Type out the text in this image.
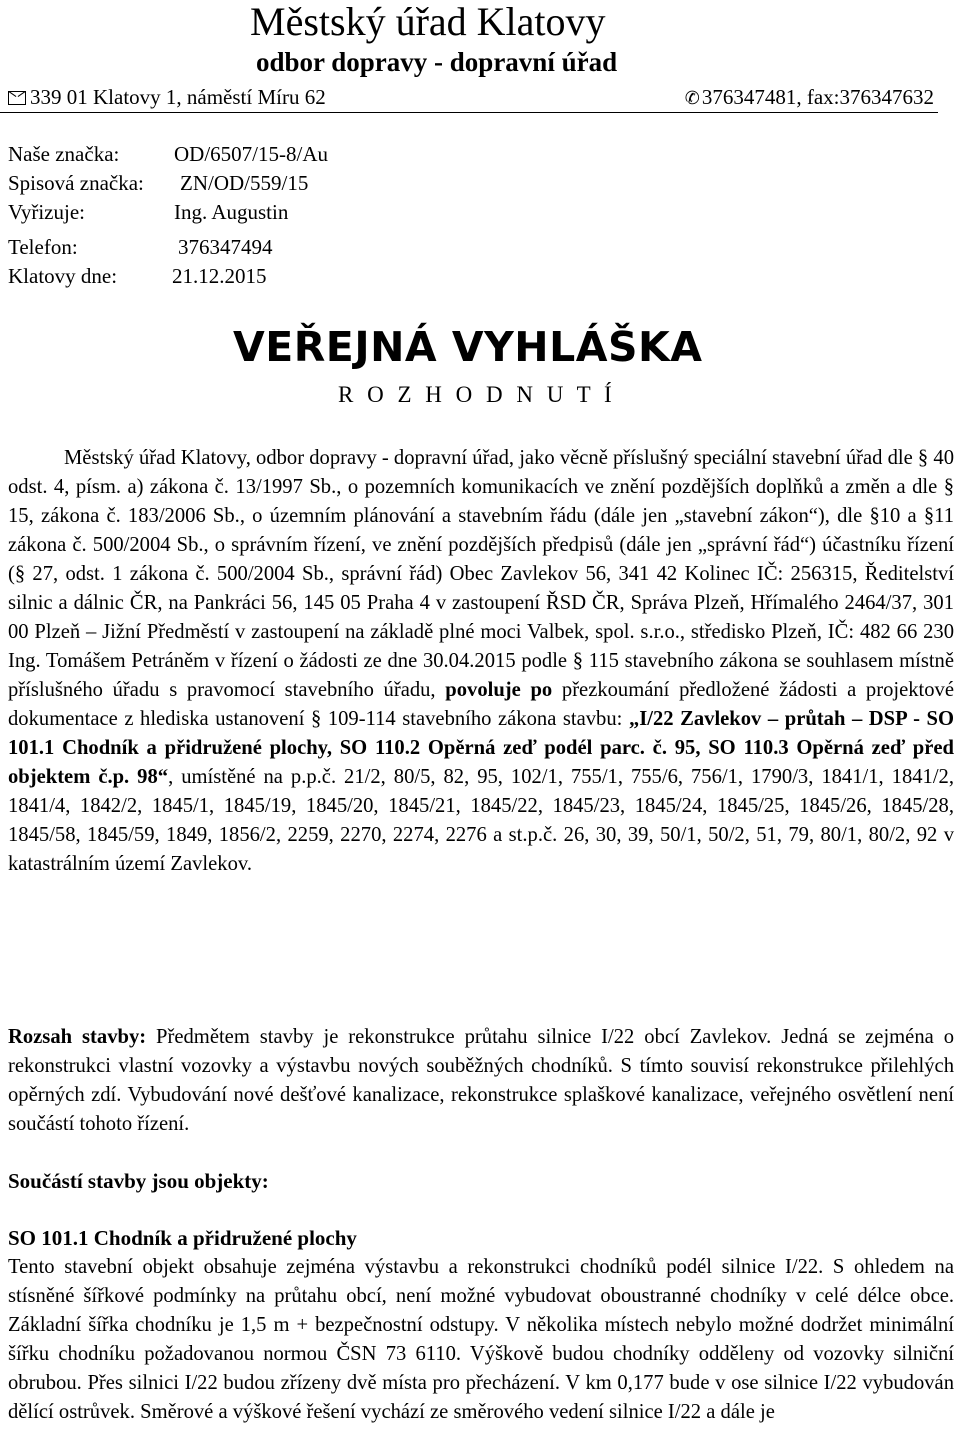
Městský úřad Klatovy
odbor dopravy - dopravní úřad
339 01 Klatovy 1, náměstí Míru 62	✆376347481, fax:376347632
Naše značka:	OD/6507/15-8/Au
Spisová značka: ZN/OD/559/15
Vyřizuje:	Ing. Augustin
Telefon:	376347494
Klatovy dne:	21.12.2015
VEŘEJNÁ VYHLÁŠKA
R O Z H O D N U T Í
Městský úřad Klatovy, odbor dopravy - dopravní úřad, jako věcně příslušný speciální stavební úřad dle § 40 odst. 4, písm. a) zákona č. 13/1997 Sb., o pozemních komunikacích ve znění pozdějších doplňků a změn a dle § 15, zákona č. 183/2006 Sb., o územním plánování a stavebním řádu (dále jen „stavební zákon“), dle §10 a §11 zákona č. 500/2004 Sb., o správním řízení, ve znění pozdějších předpisů (dále jen „správní řád“) účastníku řízení (§ 27, odst. 1 zákona č. 500/2004 Sb., správní řád) Obec Zavlekov 56, 341 42 Kolinec IČ: 256315, Ředitelství silnic a dálnic ČR, na Pankráci 56, 145 05 Praha 4 v zastoupení ŘSD ČR, Správa Plzeň, Hřímalého 2464/37, 301 00 Plzeň – Jižní Předměstí v zastoupení na základě plné moci Valbek, spol. s.r.o., středisko Plzeň, IČ: 482 66 230 Ing. Tomášem Petráněm v řízení o žádosti ze dne 30.04.2015 podle § 115 stavebního zákona se souhlasem místně příslušného úřadu s pravomocí stavebního úřadu, povoluje po přezkoumání předložené žádosti a projektové dokumentace z hlediska ustanovení § 109-114 stavebního zákona stavbu: „I/22 Zavlekov – průtah – DSP - SO 101.1 Chodník a přidružené plochy, SO 110.2 Opěrná zeď podél parc. č. 95, SO 110.3 Opěrná zeď před objektem č.p. 98“, umístěné na p.p.č. 21/2, 80/5, 82, 95, 102/1, 755/1, 755/6, 756/1, 1790/3, 1841/1, 1841/2, 1841/4, 1842/2, 1845/1, 1845/19, 1845/20, 1845/21, 1845/22, 1845/23, 1845/24, 1845/25, 1845/26, 1845/28, 1845/58, 1845/59, 1849, 1856/2, 2259, 2270, 2274, 2276 a st.p.č. 26, 30, 39, 50/1, 50/2, 51, 79, 80/1, 80/2, 92 v katastrálním území Zavlekov.
Rozsah stavby: Předmětem stavby je rekonstrukce průtahu silnice I/22 obcí Zavlekov. Jedná se zejména o rekonstrukci vlastní vozovky a výstavbu nových souběžných chodníků. S tímto souvisí rekonstrukce přilehlých opěrných zdí. Vybudování nové dešťové kanalizace, rekonstrukce splaškové kanalizace, veřejného osvětlení není součástí tohoto řízení.
Součástí stavby jsou objekty:
SO 101.1 Chodník a přidružené plochy
Tento stavební objekt obsahuje zejména výstavbu a rekonstrukci chodníků podél silnice I/22. S ohledem na stísněné šířkové podmínky na průtahu obcí, není možné vybudovat oboustranné chodníky v celé délce obce. Základní šířka chodníku je 1,5 m + bezpečnostní odstupy. V několika místech nebylo možné dodržet minimální šířku chodníku požadovanou normou ČSN 73 6110. Výškově budou chodníky odděleny od vozovky silniční obrubou. Přes silnici I/22 budou zřízeny dvě místa pro přecházení. V km 0,177 bude v ose silnice I/22 vybudován dělící ostrůvek. Směrové a výškové řešení vychází ze směrového vedení silnice I/22 a dále je
